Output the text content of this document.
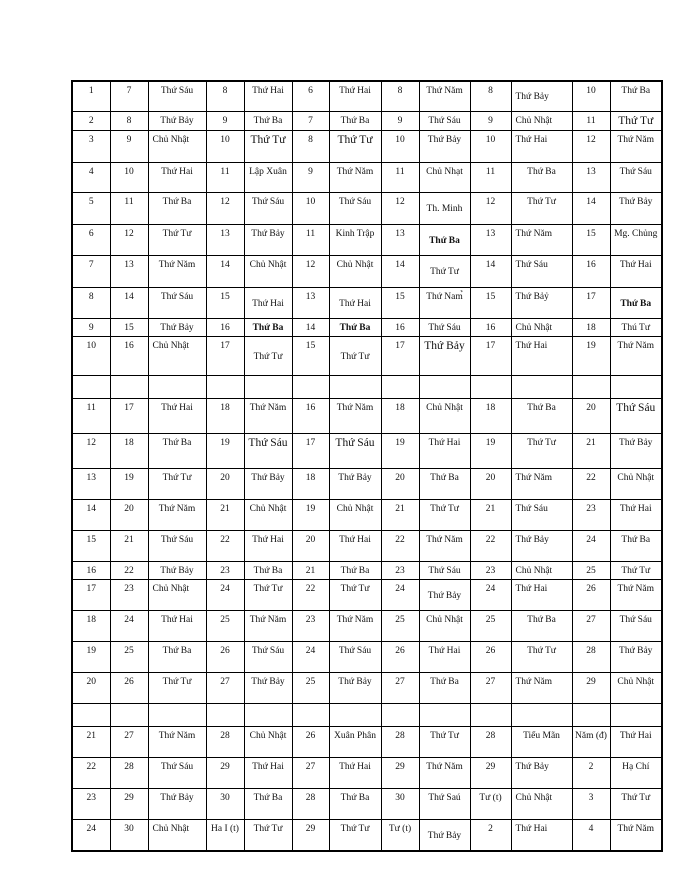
1	7	Thứ Sáu	8	Thứ Hai	6	Thứ Hai	8	Thứ Năm	8	Thứ Bảy	10	Thứ Ba
2	8	Thứ Bảy	9	Thứ Ba	7	Thứ Ba	9	Thứ Sáu	9	Chủ Nhật	11	Thứ Tư
3	9	Chủ Nhật	10	Thứ Tư	8	Thứ Tư	10	Thứ Bảy	10	Thứ Hai	12	Thứ Năm
4	10	Thứ Hai	11	Lập Xuân	9	Thứ Năm	11	Chủ Nhạt	11	Thứ Ba	13	Thứ Sáu
5	11	Thứ Ba	12	Thứ Sáu	10	Thứ Sáu	12	Th. Minh	12	Thứ Tư	14	Thứ Bảy
6	12	Thứ Tư	13	Thứ Bảy	11	Kinh Trập	13	Thứ Ba	13	Thứ Năm	15	Mg. Chủng
7	13	Thứ Năm	14	Chủ Nhật	12	Chủ Nhật	14	Thứ Tư	14	Thứ Sáu	16	Thứ Hai
8	14	Thứ Sáu	15	Thứ Hai	13	Thứ Hai	15	Thứ Nam̉	15	Thứ Bảỷ	17	Thứ Ba
9	15	Thứ Bảy	16	Thứ Ba	14	Thứ Ba	16	Thứ Sáu	16	Chủ Nhật	18	Thú Tư
10	16	Chủ Nhật	17	Thứ Tư	15	Thứ Tư	17	Thứ Bảy	17	Thứ Hai	19	Thứ Năm

11	17	Thứ Hai	18	Thứ Năm	16	Thứ Năm	18	Chủ Nhật	18	Thứ Ba	20	Thứ Sáu
12	18	Thứ Ba	19	Thứ Sáu	17	Thứ Sáu	19	Thứ Hai	19	Thứ Tư	21	Thứ Bảy
13	19	Thứ Tư	20	Thứ Bảy	18	Thứ Bảy	20	Thứ Ba	20	Thứ Năm	22	Chủ Nhật
14	20	Thứ Năm	21	Chủ Nhật	19	Chủ Nhật	21	Thứ Tư	21	Thứ Sáu	23	Thứ Hai
15	21	Thứ Sáu	22	Thứ Hai	20	Thứ Hai	22	Thứ Năm	22	Thứ Bảy	24	Thứ Ba
16	22	Thứ Bảy	23	Thứ Ba	21	Thứ Ba	23	Thứ Sáu	23	Chủ Nhật	25	Thứ Tư
17	23	Chủ Nhật	24	Thứ Tư	22	Thứ Tư	24	Thứ Bảy	24	Thứ Hai	26	Thứ Năm
18	24	Thứ Hai	25	Thứ Năm	23	Thứ Năm	25	Chủ Nhật	25	Thứ Ba	27	Thứ Sáu
19	25	Thứ Ba	26	Thứ Sáu	24	Thứ Sáu	26	Thứ Hai	26	Thứ Tư	28	Thứ Bảy
20	26	Thứ Tư	27	Thứ Bảy	25	Thứ Bảy	27	Thứ Ba	27	Thứ Năm	29	Chủ Nhật

21	27	Thứ Năm	28	Chủ Nhật	26	Xuân Phân	28	Thứ Tư	28	Tiểu Mãn	Năm (đ)	Thứ Hai
22	28	Thứ Sáu	29	Thứ Hai	27	Thứ Hai	29	Thứ Năm	29	Thứ Bảy	2	Hạ Chí
23	29	Thứ Bảy	30	Thứ Ba	28	Thứ Ba	30	Thứ Saú	Tư (t)	Chủ Nhật	3	Thứ Tư
24	30	Chủ Nhật	Ha I (t)	Thứ Tư	29	Thứ Tư	Tư (t)	Thứ Bảy	2	Thứ Hai	4	Thứ Năm
